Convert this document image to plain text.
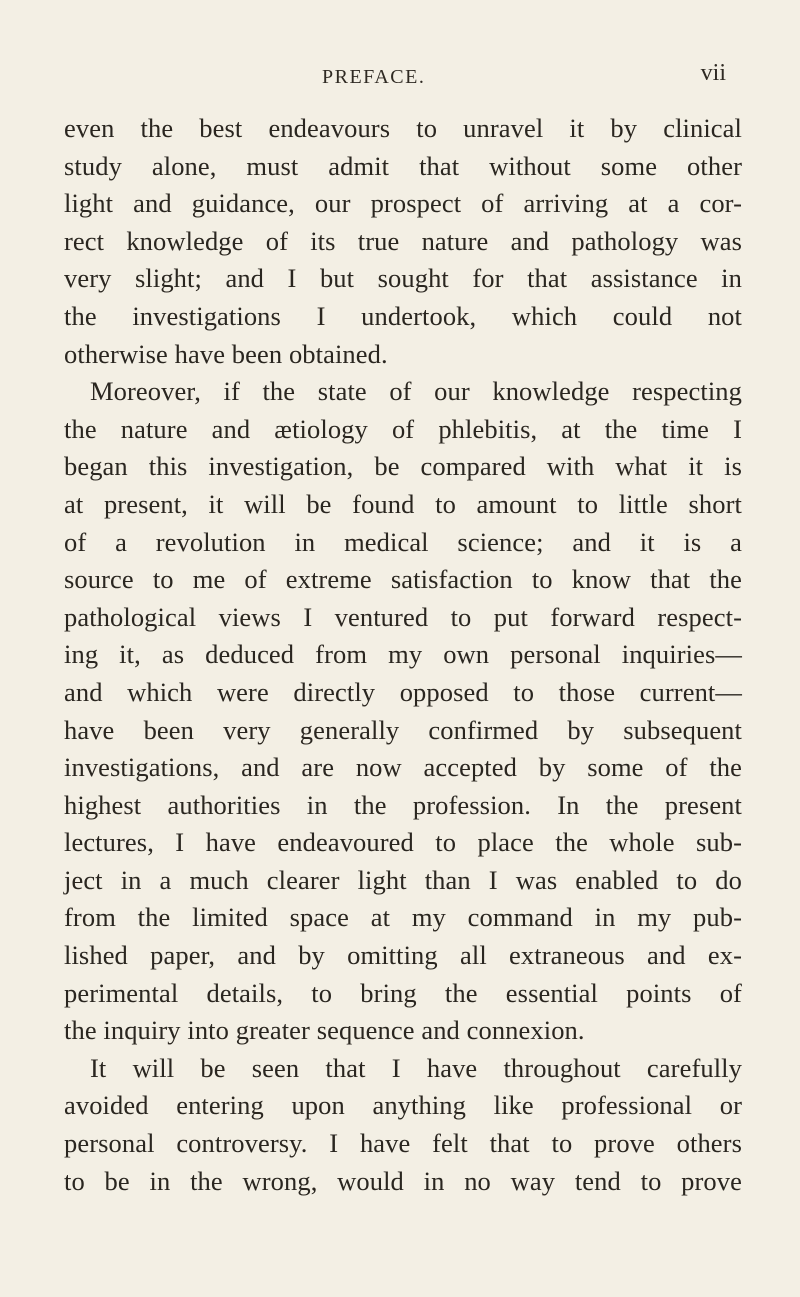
PREFACE.	vii
even the best endeavours to unravel it by clinical
study alone, must admit that without some other
light and guidance, our prospect of arriving at a cor-
rect knowledge of its true nature and pathology was
very slight; and I but sought for that assistance in
the investigations I undertook, which could not
otherwise have been obtained.
Moreover, if the state of our knowledge respecting
the nature and ætiology of phlebitis, at the time I
began this investigation, be compared with what it is
at present, it will be found to amount to little short
of a revolution in medical science; and it is a
source to me of extreme satisfaction to know that the
pathological views I ventured to put forward respect-
ing it, as deduced from my own personal inquiries—
and which were directly opposed to those current—
have been very generally confirmed by subsequent
investigations, and are now accepted by some of the
highest authorities in the profession. In the present
lectures, I have endeavoured to place the whole sub-
ject in a much clearer light than I was enabled to do
from the limited space at my command in my pub-
lished paper, and by omitting all extraneous and ex-
perimental details, to bring the essential points of
the inquiry into greater sequence and connexion.
It will be seen that I have throughout carefully
avoided entering upon anything like professional or
personal controversy. I have felt that to prove others
to be in the wrong, would in no way tend to prove
